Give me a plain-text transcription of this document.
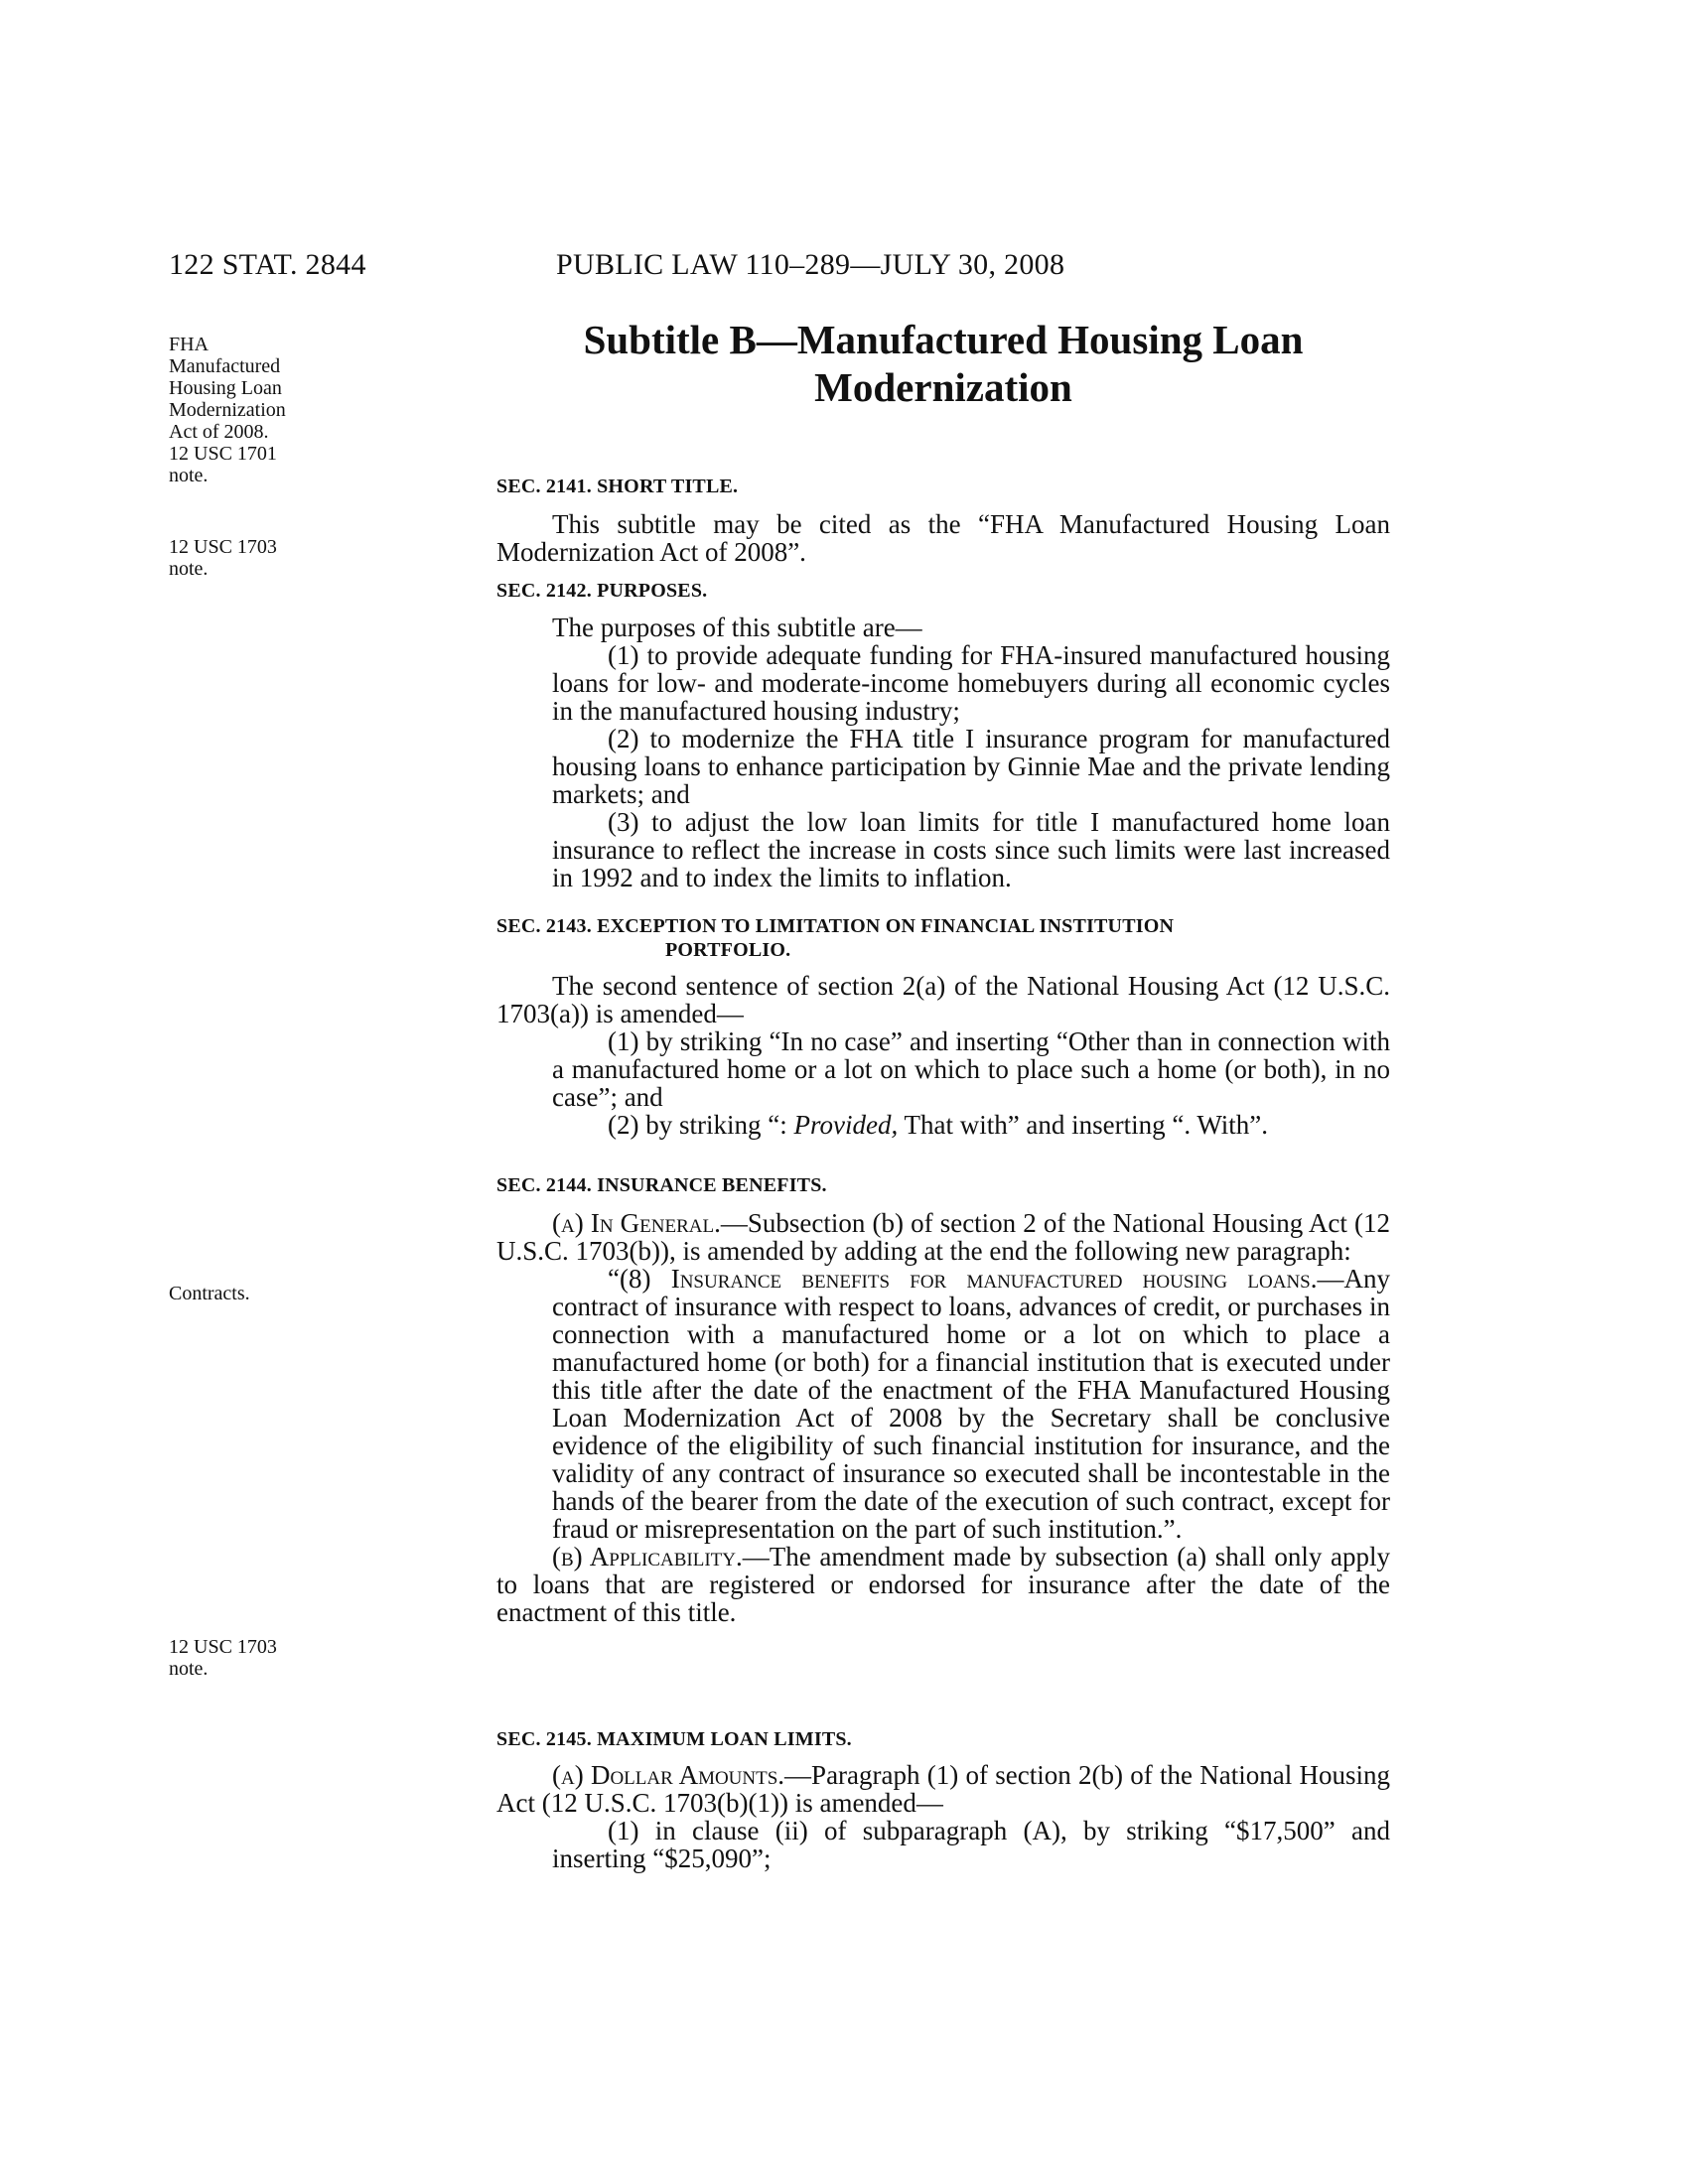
122 STAT. 2844	PUBLIC LAW 110–289—JULY 30, 2008
FHA Manufactured Housing Loan Modernization Act of 2008.
12 USC 1701 note.
12 USC 1703 note.
Contracts.
12 USC 1703 note.
Subtitle B—Manufactured Housing Loan Modernization
SEC. 2141. SHORT TITLE.

This subtitle may be cited as the “FHA Manufactured Housing Loan Modernization Act of 2008”.

SEC. 2142. PURPOSES.

The purposes of this subtitle are—

(1) to provide adequate funding for FHA-insured manufactured housing loans for low- and moderate-income homebuyers during all economic cycles in the manufactured housing industry;

(2) to modernize the FHA title I insurance program for manufactured housing loans to enhance participation by Ginnie Mae and the private lending markets; and

(3) to adjust the low loan limits for title I manufactured home loan insurance to reflect the increase in costs since such limits were last increased in 1992 and to index the limits to inflation.

SEC. 2143. EXCEPTION TO LIMITATION ON FINANCIAL INSTITUTION
PORTFOLIO.

The second sentence of section 2(a) of the National Housing Act (12 U.S.C. 1703(a)) is amended—

(1) by striking “In no case” and inserting “Other than in connection with a manufactured home or a lot on which to place such a home (or both), in no case”; and

(2) by striking “: Provided, That with” and inserting “. With”.

SEC. 2144. INSURANCE BENEFITS.

(a) In General.—Subsection (b) of section 2 of the National Housing Act (12 U.S.C. 1703(b)), is amended by adding at the end the following new paragraph:

“(8) Insurance benefits for manufactured housing loans.—Any contract of insurance with respect to loans, advances of credit, or purchases in connection with a manufactured home or a lot on which to place a manufactured home (or both) for a financial institution that is executed under this title after the date of the enactment of the FHA Manufactured Housing Loan Modernization Act of 2008 by the Secretary shall be conclusive evidence of the eligibility of such financial institution for insurance, and the validity of any contract of insurance so executed shall be incontestable in the hands of the bearer from the date of the execution of such contract, except for fraud or misrepresentation on the part of such institution.”.

(b) Applicability.—The amendment made by subsection (a) shall only apply to loans that are registered or endorsed for insurance after the date of the enactment of this title.

SEC. 2145. MAXIMUM LOAN LIMITS.

(a) Dollar Amounts.—Paragraph (1) of section 2(b) of the National Housing Act (12 U.S.C. 1703(b)(1)) is amended—

(1) in clause (ii) of subparagraph (A), by striking “$17,500” and inserting “$25,090”;
